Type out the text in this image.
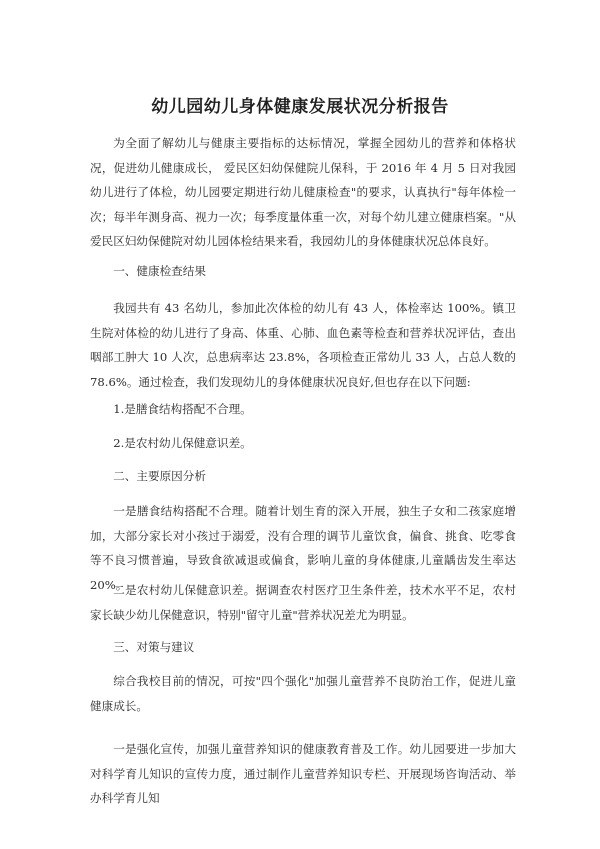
幼儿园幼儿身体健康发展状况分析报告

为全面了解幼儿与健康主要指标的达标情况，掌握全园幼儿的营养和体格状况，促进幼儿健康成长， 爱民区妇幼保健院儿保科，于 2016 年 4 月 5 日对我园幼儿进行了体检，幼儿园要定期进行幼儿健康检查"的要求，认真执行"每年体检一次；每半年测身高、视力一次；每季度量体重一次，对每个幼儿建立健康档案。"从爱民区妇幼保健院对幼儿园体检结果来看，我园幼儿的身体健康状况总体良好。

一、健康检查结果

我园共有 43 名幼儿，参加此次体检的幼儿有 43 人，体检率达 100%。镇卫生院对体检的幼儿进行了身高、体重、心肺、血色素等检查和营养状况评估，查出咽部工肿大 10 人次，总患病率达 23.8%，各项检查正常幼儿 33 人，占总人数的 78.6%。通过检查，我们发现幼儿的身体健康状况良好,但也存在以下问题:

1.是膳食结构搭配不合理。

2.是农村幼儿保健意识差。

二、主要原因分析

一是膳食结构搭配不合理。随着计划生育的深入开展，独生子女和二孩家庭增加，大部分家长对小孩过于溺爱，没有合理的调节儿童饮食，偏食、挑食、吃零食等不良习惯普遍，导致食欲减退或偏食，影响儿童的身体健康,儿童龋齿发生率达 20%。

二是农村幼儿保健意识差。据调查农村医疗卫生条件差，技术水平不足，农村家长缺少幼儿保健意识，特别"留守儿童"营养状况差尤为明显。

三、对策与建议

综合我校目前的情况，可按"四个强化"加强儿童营养不良防治工作，促进儿童健康成长。

一是强化宣传，加强儿童营养知识的健康教育普及工作。幼儿园要进一步加大对科学育儿知识的宣传力度，通过制作儿童营养知识专栏、开展现场咨询活动、举办科学育儿知
